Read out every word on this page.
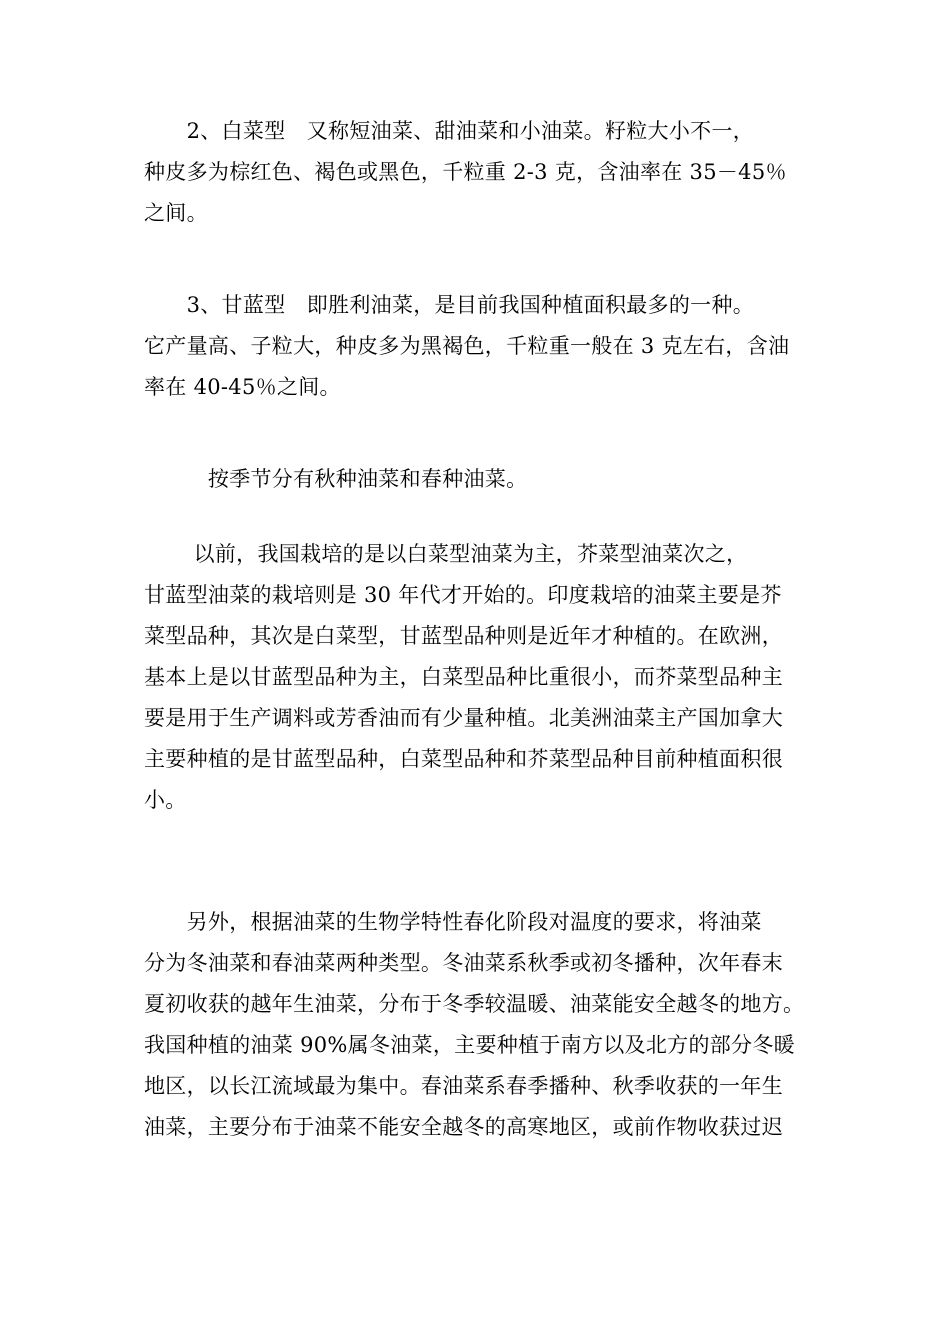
　　2、白菜型　又称短油菜、甜油菜和小油菜。籽粒大小不一，
种皮多为棕红色、褐色或黑色，千粒重 2-3 克，含油率在 35－45％
之间。
　　3、甘蓝型　即胜利油菜，是目前我国种植面积最多的一种。
它产量高、子粒大，种皮多为黑褐色，千粒重一般在 3 克左右，含油
率在 40-45％之间。
　　　按季节分有秋种油菜和春种油菜。
　　 以前，我国栽培的是以白菜型油菜为主，芥菜型油菜次之，
甘蓝型油菜的栽培则是 30 年代才开始的。印度栽培的油菜主要是芥
菜型品种，其次是白菜型，甘蓝型品种则是近年才种植的。在欧洲，
基本上是以甘蓝型品种为主，白菜型品种比重很小，而芥菜型品种主
要是用于生产调料或芳香油而有少量种植。北美洲油菜主产国加拿大
主要种植的是甘蓝型品种，白菜型品种和芥菜型品种目前种植面积很
小。
　　另外，根据油菜的生物学特性春化阶段对温度的要求，将油菜
分为冬油菜和春油菜两种类型。冬油菜系秋季或初冬播种，次年春末
夏初收获的越年生油菜，分布于冬季较温暖、油菜能安全越冬的地方。
我国种植的油菜 90%属冬油菜，主要种植于南方以及北方的部分冬暖
地区，以长江流域最为集中。春油菜系春季播种、秋季收获的一年生
油菜，主要分布于油菜不能安全越冬的高寒地区，或前作物收获过迟
